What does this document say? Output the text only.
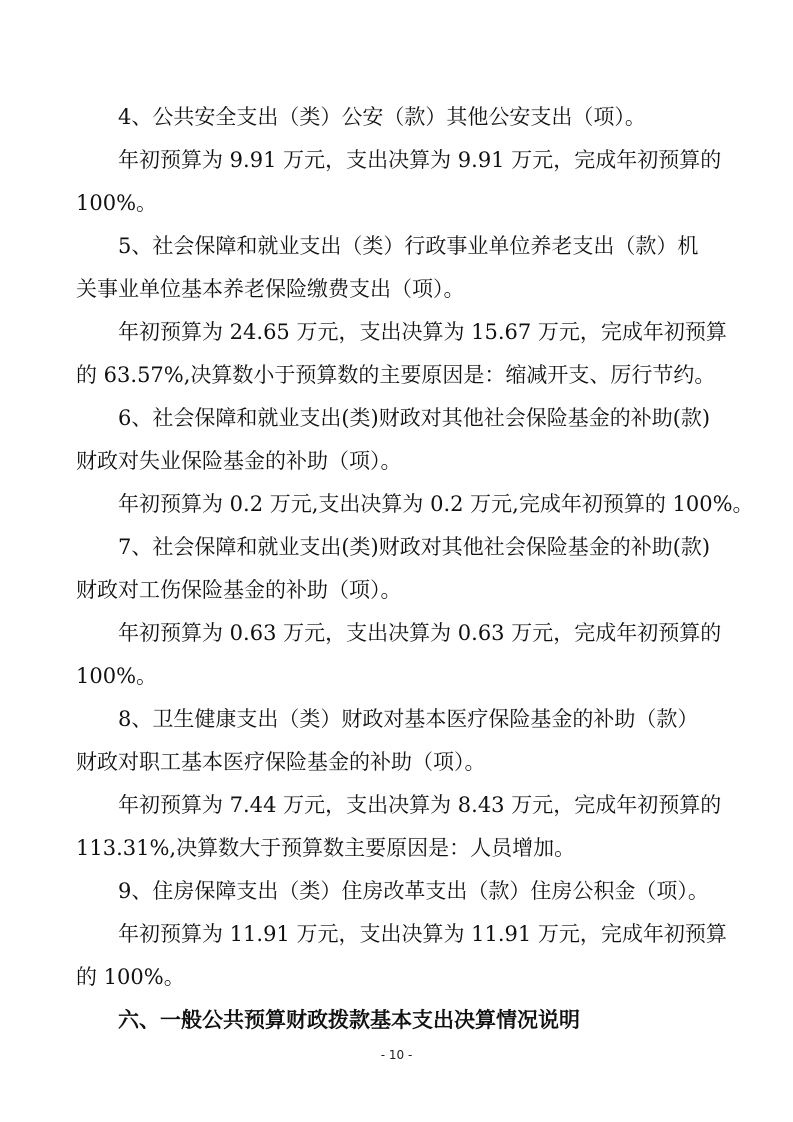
4、公共安全支出（类）公安（款）其他公安支出（项）。
年初预算为 9.91 万元，支出决算为 9.91 万元，完成年初预算的
100%。
5、社会保障和就业支出（类）行政事业单位养老支出（款）机
关事业单位基本养老保险缴费支出（项）。
年初预算为 24.65 万元，支出决算为 15.67 万元，完成年初预算
的 63.57%,决算数小于预算数的主要原因是：缩减开支、厉行节约。
6、社会保障和就业支出(类)财政对其他社会保险基金的补助(款)
财政对失业保险基金的补助（项）。
年初预算为 0.2 万元,支出决算为 0.2 万元,完成年初预算的 100%。
7、社会保障和就业支出(类)财政对其他社会保险基金的补助(款)
财政对工伤保险基金的补助（项）。
年初预算为 0.63 万元，支出决算为 0.63 万元，完成年初预算的
100%。
8、卫生健康支出（类）财政对基本医疗保险基金的补助（款）
财政对职工基本医疗保险基金的补助（项）。
年初预算为 7.44 万元，支出决算为 8.43 万元，完成年初预算的
113.31%,决算数大于预算数主要原因是：人员增加。
9、住房保障支出（类）住房改革支出（款）住房公积金（项）。
年初预算为 11.91 万元，支出决算为 11.91 万元，完成年初预算
的 100%。
六、一般公共预算财政拨款基本支出决算情况说明
- 10 -
